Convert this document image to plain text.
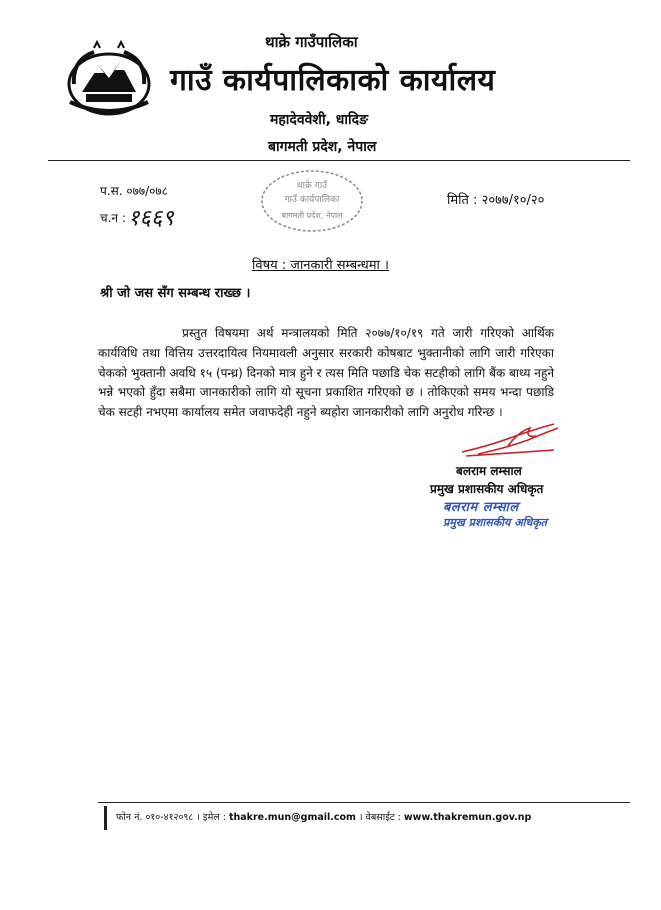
थाक्रे गाउँपालिका
गाउँ कार्यपालिकाको कार्यालय
महादेववेशी, धादिङ
बागमती प्रदेश, नेपाल
थाक्रे गाउँ
गाउँ कार्यपालिका
बागमती प्रदेश, नेपाल
प.स. ०७७/०७८
च.न :१६६९
मिति : २०७७/१०/२०
विषय : जानकारी सम्बन्धमा ।
श्री जो जस सँग सम्बन्ध राख्छ ।

प्रस्तुत विषयमा अर्थ मन्त्रालयको मिति २०७७/१०/१९ गते जारी गरिएको आर्थिक कार्यविधि तथा वित्तिय उत्तरदायित्व नियमावली अनुसार सरकारी कोषबाट भुक्तानीको लागि जारी गरिएका चेकको भुक्तानी अवधि १५ (पन्ध्र) दिनको मात्र हुने र त्यस मिति पछाडि चेक सटहीको लागि बैंक बाध्य नहुने भन्ने भएको हुँदा सबैमा जानकारीको लागि यो सूचना प्रकाशित गरिएको छ । तोकिएको समय भन्दा पछाडि चेक सटही नभएमा कार्यालय समेत जवाफदेही नहुने ब्यहोरा जानकारीको लागि अनुरोध गरिन्छ ।

बलराम लम्साल
प्रमुख प्रशासकीय अधिकृत
बलराम लम्साल
प्रमुख प्रशासकीय अधिकृत
फोन नं. ०१०-४१२०९८ । इमेल : thakre.mun@gmail.com । वेबसाईट : www.thakremun.gov.np
